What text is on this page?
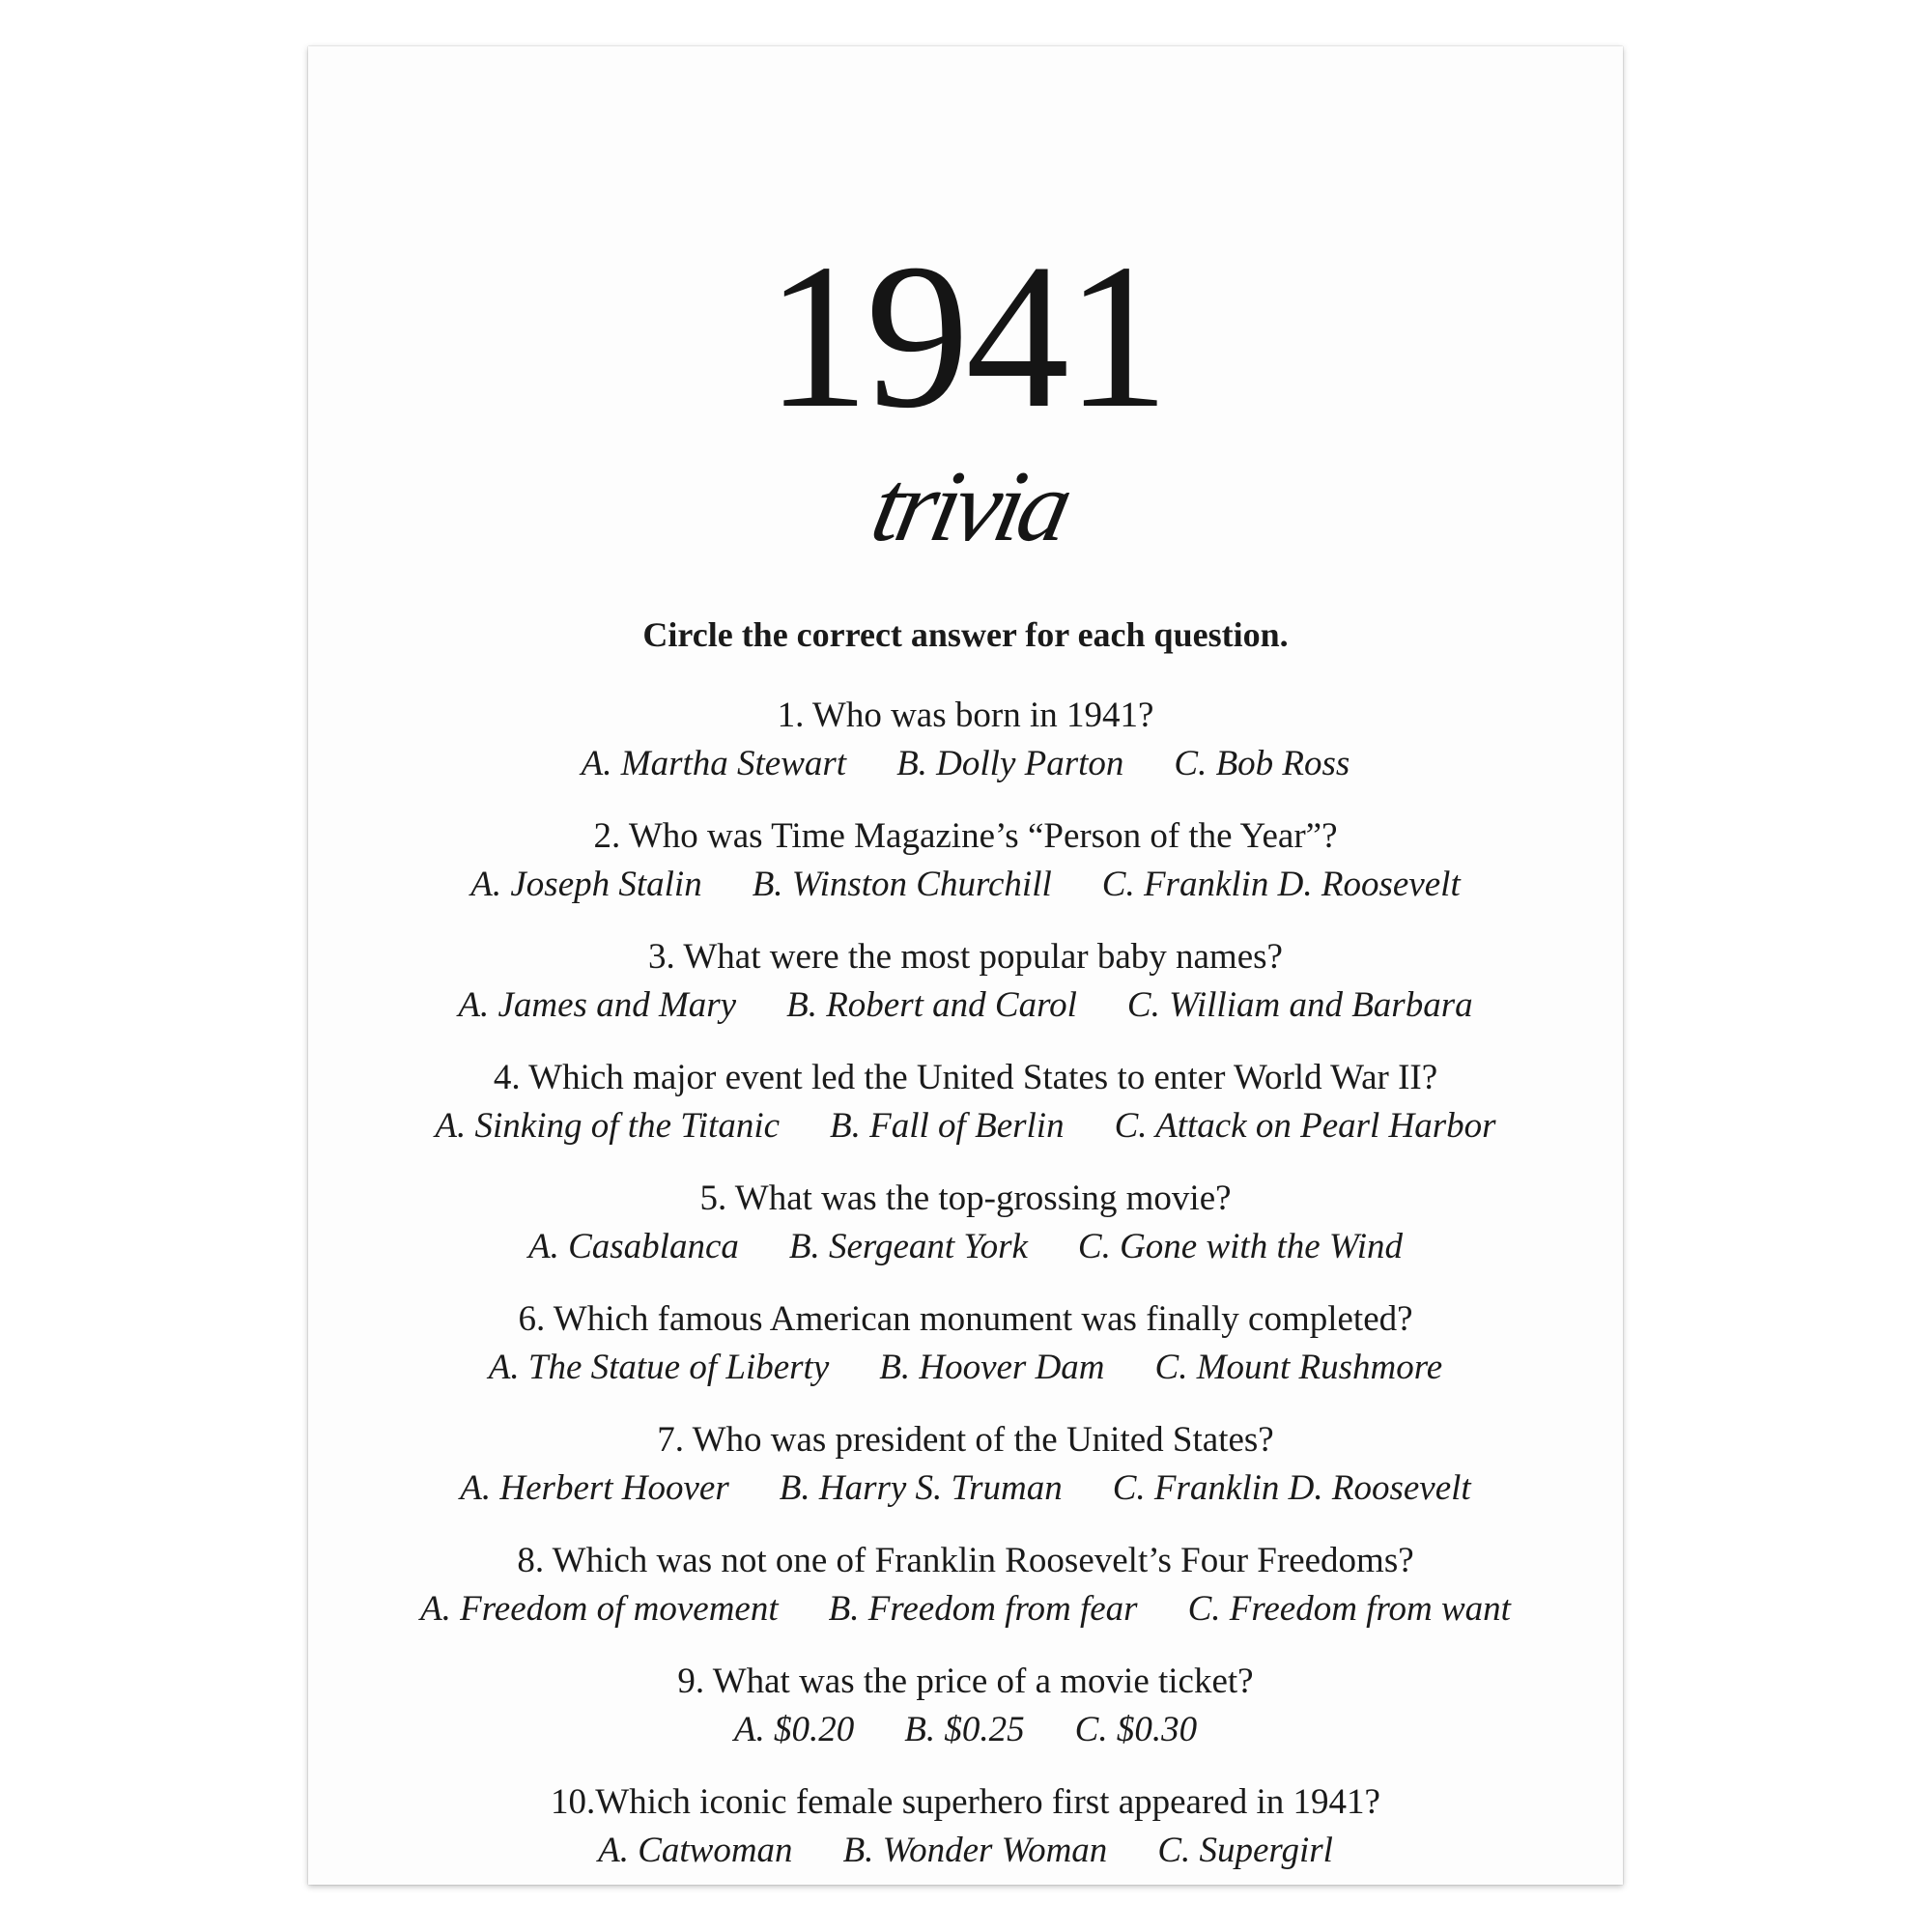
1941
trivia
Circle the correct answer for each question.
1. Who was born in 1941?
A. Martha Stewart B. Dolly Parton C. Bob Ross
2. Who was Time Magazine’s “Person of the Year”?
A. Joseph Stalin B. Winston Churchill C. Franklin D. Roosevelt
3. What were the most popular baby names?
A. James and Mary B. Robert and Carol C. William and Barbara
4. Which major event led the United States to enter World War II?
A. Sinking of the Titanic B. Fall of Berlin C. Attack on Pearl Harbor
5. What was the top-grossing movie?
A. Casablanca B. Sergeant York C. Gone with the Wind
6. Which famous American monument was finally completed?
A. The Statue of Liberty B. Hoover Dam C. Mount Rushmore
7. Who was president of the United States?
A. Herbert Hoover B. Harry S. Truman C. Franklin D. Roosevelt
8. Which was not one of Franklin Roosevelt’s Four Freedoms?
A. Freedom of movement B. Freedom from fear C. Freedom from want
9. What was the price of a movie ticket?
A. $0.20 B. $0.25 C. $0.30
10.Which iconic female superhero first appeared in 1941?
A. Catwoman B. Wonder Woman C. Supergirl
